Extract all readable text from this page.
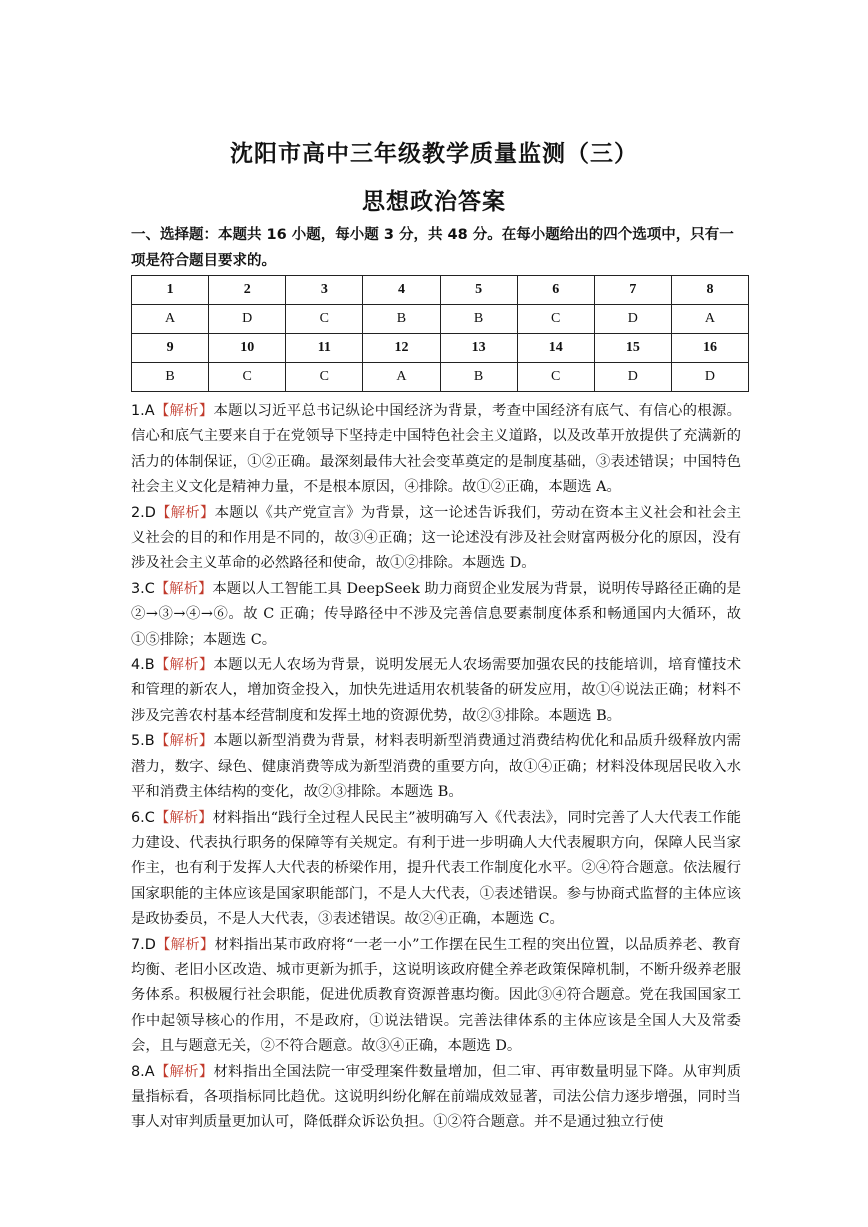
沈阳市高中三年级教学质量监测（三）
思想政治答案
一、选择题：本题共 16 小题，每小题 3 分，共 48 分。在每小题给出的四个选项中，只有一项是符合题目要求的。
1	2	3	4	5	6	7	8
A	D	C	B	B	C	D	A
9	10	11	12	13	14	15	16
B	C	C	A	B	C	D	D

1.A【解析】本题以习近平总书记纵论中国经济为背景，考查中国经济有底气、有信心的根源。信心和底气主要来自于在党领导下坚持走中国特色社会主义道路，以及改革开放提供了充满新的活力的体制保证，①②正确。最深刻最伟大社会变革奠定的是制度基础，③表述错误；中国特色社会主义文化是精神力量，不是根本原因，④排除。故①②正确，本题选 A。

2.D【解析】本题以《共产党宣言》为背景，这一论述告诉我们，劳动在资本主义社会和社会主义社会的目的和作用是不同的，故③④正确；这一论述没有涉及社会财富两极分化的原因，没有涉及社会主义革命的必然路径和使命，故①②排除。本题选 D。

3.C【解析】本题以人工智能工具 DeepSeek 助力商贸企业发展为背景，说明传导路径正确的是②→③→④→⑥。故 C 正确；传导路径中不涉及完善信息要素制度体系和畅通国内大循环，故①⑤排除；本题选 C。

4.B【解析】本题以无人农场为背景，说明发展无人农场需要加强农民的技能培训，培育懂技术和管理的新农人，增加资金投入，加快先进适用农机装备的研发应用，故①④说法正确；材料不涉及完善农村基本经营制度和发挥土地的资源优势，故②③排除。本题选 B。

5.B【解析】本题以新型消费为背景，材料表明新型消费通过消费结构优化和品质升级释放内需潜力，数字、绿色、健康消费等成为新型消费的重要方向，故①④正确；材料没体现居民收入水平和消费主体结构的变化，故②③排除。本题选 B。

6.C【解析】材料指出“践行全过程人民民主”被明确写入《代表法》，同时完善了人大代表工作能力建设、代表执行职务的保障等有关规定。有利于进一步明确人大代表履职方向，保障人民当家作主，也有利于发挥人大代表的桥梁作用，提升代表工作制度化水平。②④符合题意。依法履行国家职能的主体应该是国家职能部门，不是人大代表，①表述错误。参与协商式监督的主体应该是政协委员，不是人大代表，③表述错误。故②④正确，本题选 C。

7.D【解析】材料指出某市政府将“一老一小”工作摆在民生工程的突出位置，以品质养老、教育均衡、老旧小区改造、城市更新为抓手，这说明该政府健全养老政策保障机制，不断升级养老服务体系。积极履行社会职能，促进优质教育资源普惠均衡。因此③④符合题意。党在我国国家工作中起领导核心的作用，不是政府，①说法错误。完善法律体系的主体应该是全国人大及常委会，且与题意无关，②不符合题意。故③④正确，本题选 D。

8.A【解析】材料指出全国法院一审受理案件数量增加，但二审、再审数量明显下降。从审判质量指标看，各项指标同比趋优。这说明纠纷化解在前端成效显著，司法公信力逐步增强，同时当事人对审判质量更加认可，降低群众诉讼负担。①②符合题意。并不是通过独立行使
